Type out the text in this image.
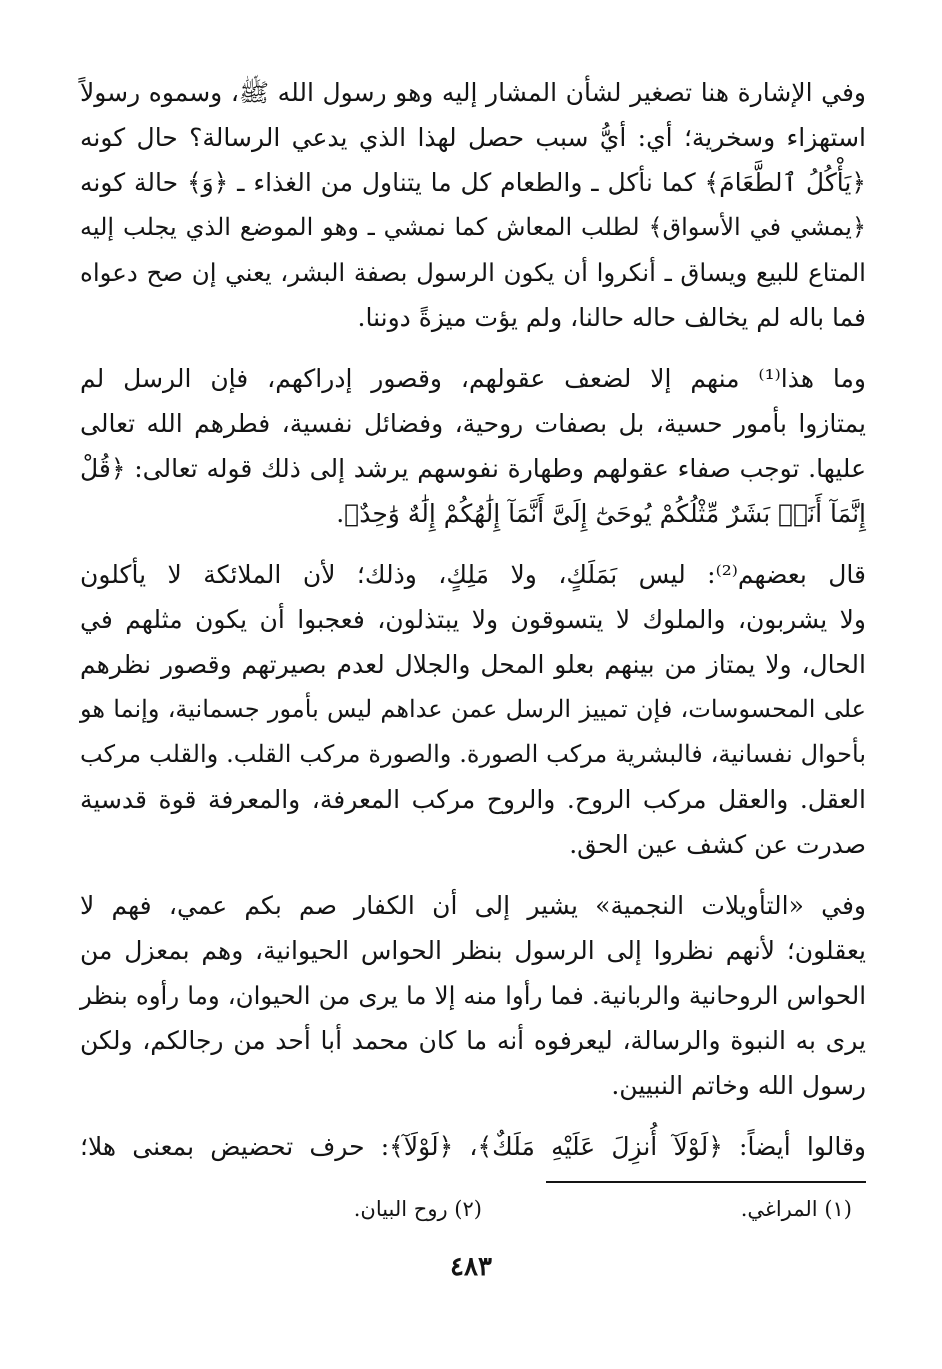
وفي الإشارة هنا تصغير لشأن المشار إليه وهو رسول الله ﷺ، وسموه رسولاً
استهزاء وسخرية؛ أي: أيُّ سبب حصل لهذا الذي يدعي الرسالة؟ حال كونه
﴿يَأْكُلُ ٱلطَّعَامَ﴾ كما نأكل ـ والطعام كل ما يتناول من الغذاء ـ ﴿وَ﴾ حالة كونه
﴿يمشي في الأسواق﴾ لطلب المعاش كما نمشي ـ وهو الموضع الذي يجلب إليه
المتاع للبيع ويساق ـ أنكروا أن يكون الرسول بصفة البشر، يعني إن صح دعواه
فما باله لم يخالف حاله حالنا، ولم يؤت ميزةً دوننا.
وما هذا⁽¹⁾ منهم إلا لضعف عقولهم، وقصور إدراكهم، فإن الرسل لم
يمتازوا بأمور حسية، بل بصفات روحية، وفضائل نفسية، فطرهم الله تعالى
عليها. توجب صفاء عقولهم وطهارة نفوسهم يرشد إلى ذلك قوله تعالى: ﴿قُلْ
إِنَّمَآ أَنَا۠ بَشَرٌ مِّثْلُكُمْ يُوحَىٰٓ إِلَىَّ أَنَّمَآ إِلَٰهُكُمْ إِلَٰهٌ وَٰحِدٌ﴾.
قال بعضهم⁽²⁾: ليس بَمَلَكٍ، ولا مَلِكٍ، وذلك؛ لأن الملائكة لا يأكلون
ولا يشربون، والملوك لا يتسوقون ولا يبتذلون، فعجبوا أن يكون مثلهم في
الحال، ولا يمتاز من بينهم بعلو المحل والجلال لعدم بصيرتهم وقصور نظرهم
على المحسوسات، فإن تمييز الرسل عمن عداهم ليس بأمور جسمانية، وإنما هو
بأحوال نفسانية، فالبشرية مركب الصورة. والصورة مركب القلب. والقلب مركب
العقل. والعقل مركب الروح. والروح مركب المعرفة، والمعرفة قوة قدسية
صدرت عن كشف عين الحق.
وفي «التأويلات النجمية» يشير إلى أن الكفار صم بكم عمي، فهم لا
يعقلون؛ لأنهم نظروا إلى الرسول بنظر الحواس الحيوانية، وهم بمعزل من
الحواس الروحانية والربانية. فما رأوا منه إلا ما يرى من الحيوان، وما رأوه بنظر
يرى به النبوة والرسالة، ليعرفوه أنه ما كان محمد أبا أحد من رجالكم، ولكن
رسول الله وخاتم النبيين.
وقالوا أيضاً: ﴿لَوْلَآ أُنزِلَ عَلَيْهِ مَلَكٌ﴾، ﴿لَوْلَآ﴾: حرف تحضيض بمعنى هلا؛
(١) المراغي.
(٢) روح البيان.
٤٨٣
